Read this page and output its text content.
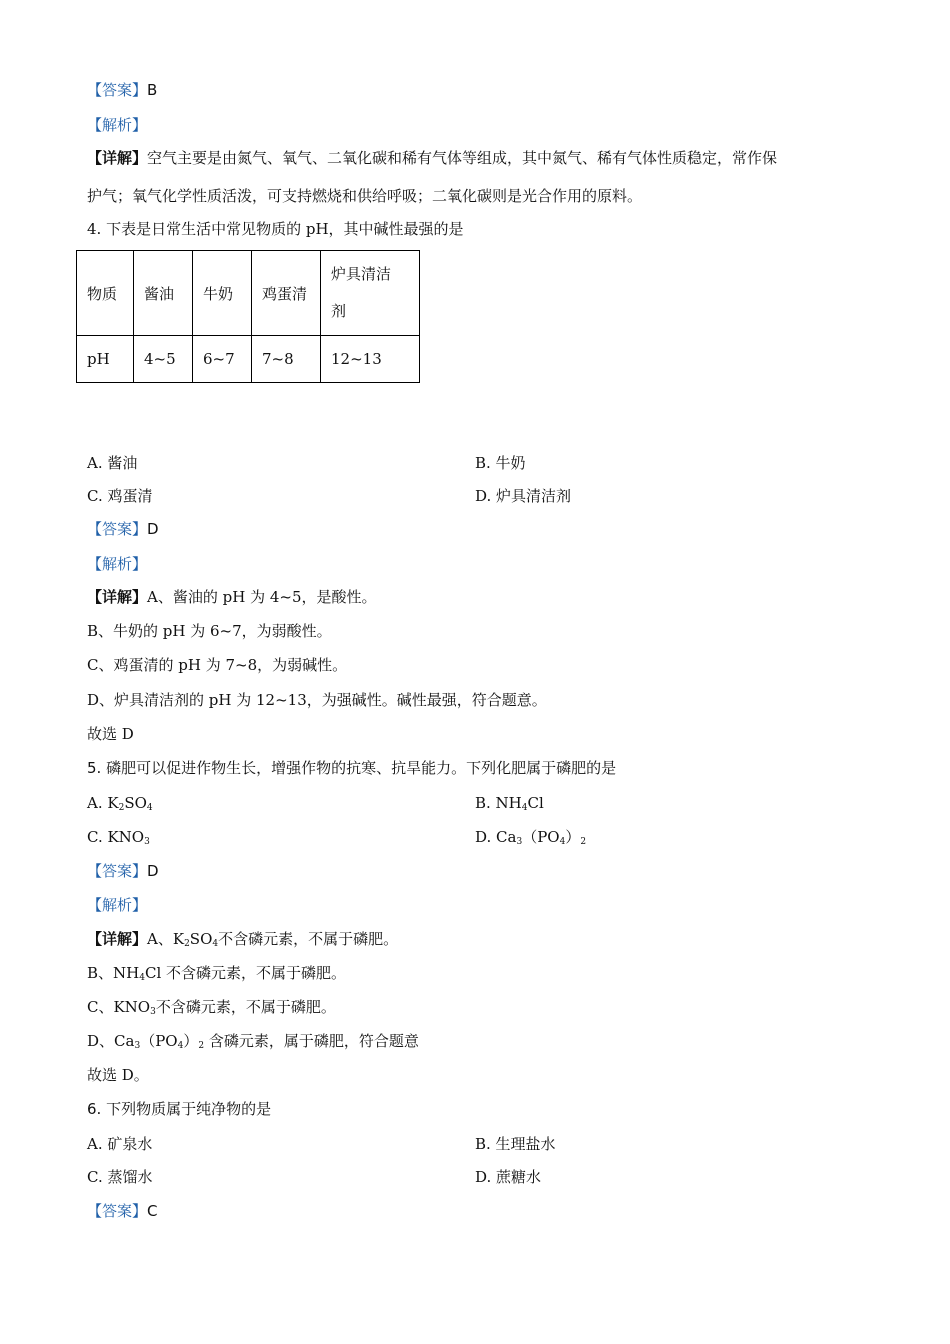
【答案】B
【解析】
【详解】空气主要是由氮气、氧气、二氧化碳和稀有气体等组成，其中氮气、稀有气体性质稳定，常作保
护气；氧气化学性质活泼，可支持燃烧和供给呼吸；二氧化碳则是光合作用的原料。
4. 下表是日常生活中常见物质的 pH，其中碱性最强的是
物质	酱油	牛奶	鸡蛋清	炉具清洁
剂
pH	4~5	6~7	7~8	12~13
A. 酱油	B. 牛奶
C. 鸡蛋清	D. 炉具清洁剂
【答案】D
【解析】
【详解】A、酱油的 pH 为 4~5，是酸性。
B、牛奶的 pH 为 6~7，为弱酸性。
C、鸡蛋清的 pH 为 7~8，为弱碱性。
D、炉具清洁剂的 pH 为 12~13，为强碱性。碱性最强，符合题意。
故选 D
5. 磷肥可以促进作物生长，增强作物的抗寒、抗旱能力。下列化肥属于磷肥的是
A. $K_2SO_4$	B. $NH_4Cl$
C. $KNO_3$	D. $Ca_3(PO_4)_2$
【答案】D
【解析】
【详解】A、$K_2SO_4$不含磷元素，不属于磷肥。
B、$NH_4Cl$ 不含磷元素，不属于磷肥。
C、$KNO_3$不含磷元素，不属于磷肥。
D、$Ca_3(PO_4)_2$ 含磷元素，属于磷肥，符合题意
故选 D。
6. 下列物质属于纯净物的是
A. 矿泉水	B. 生理盐水
C. 蒸馏水	D. 蔗糖水
【答案】C
